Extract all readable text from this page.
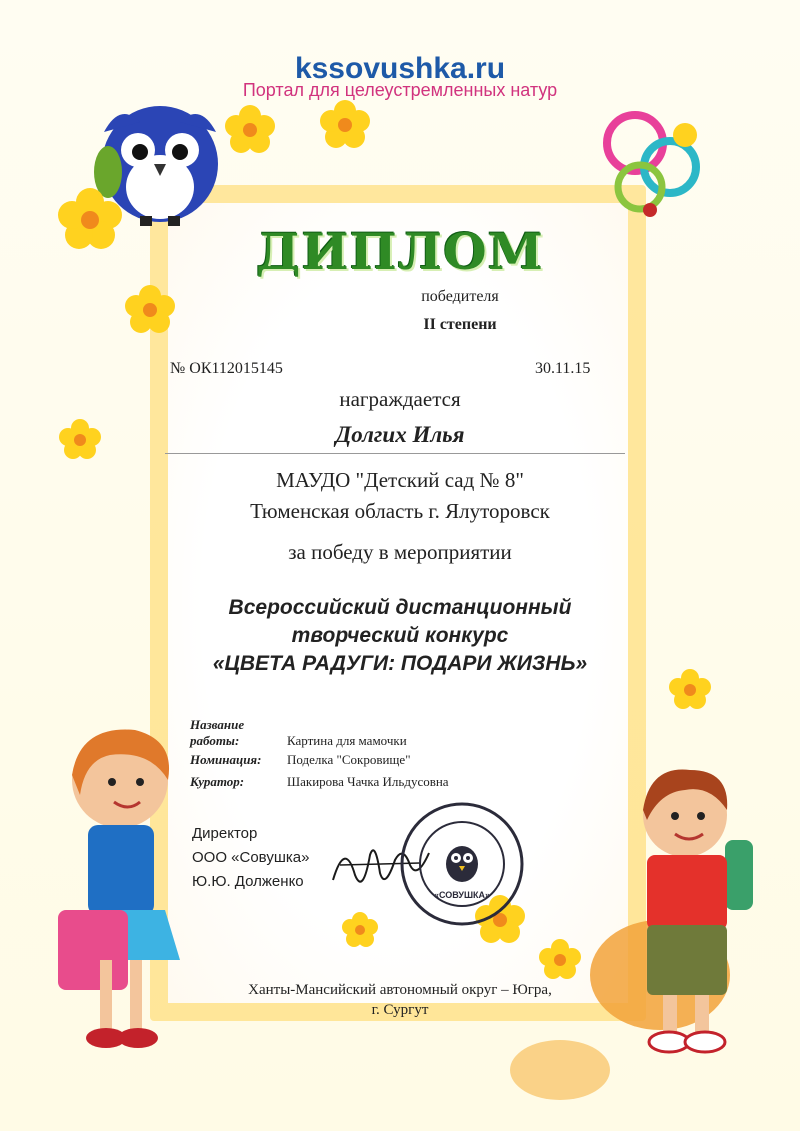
kssovushka.ru
Портал для целеустремленных натур
ДИПЛОМ
победителя
II степени
№ ОК112015145	30.11.15
награждается
Долгих Илья
МАУДО "Детский сад № 8"
Тюменская область г. Ялуторовск
за победу в мероприятии
Всероссийский дистанционный
творческий конкурс
«ЦВЕТА РАДУГИ: ПОДАРИ ЖИЗНЬ»
Название работы:	Картина для мамочки
Номинация:	Поделка "Сокровище"
Куратор:	Шакирова Чачка Ильдусовна
Директор
ООО «Совушка»
Ю.Ю. Долженко
«СОВУШКА»
Ханты-Мансийский автономный округ – Югра,
г. Сургут
